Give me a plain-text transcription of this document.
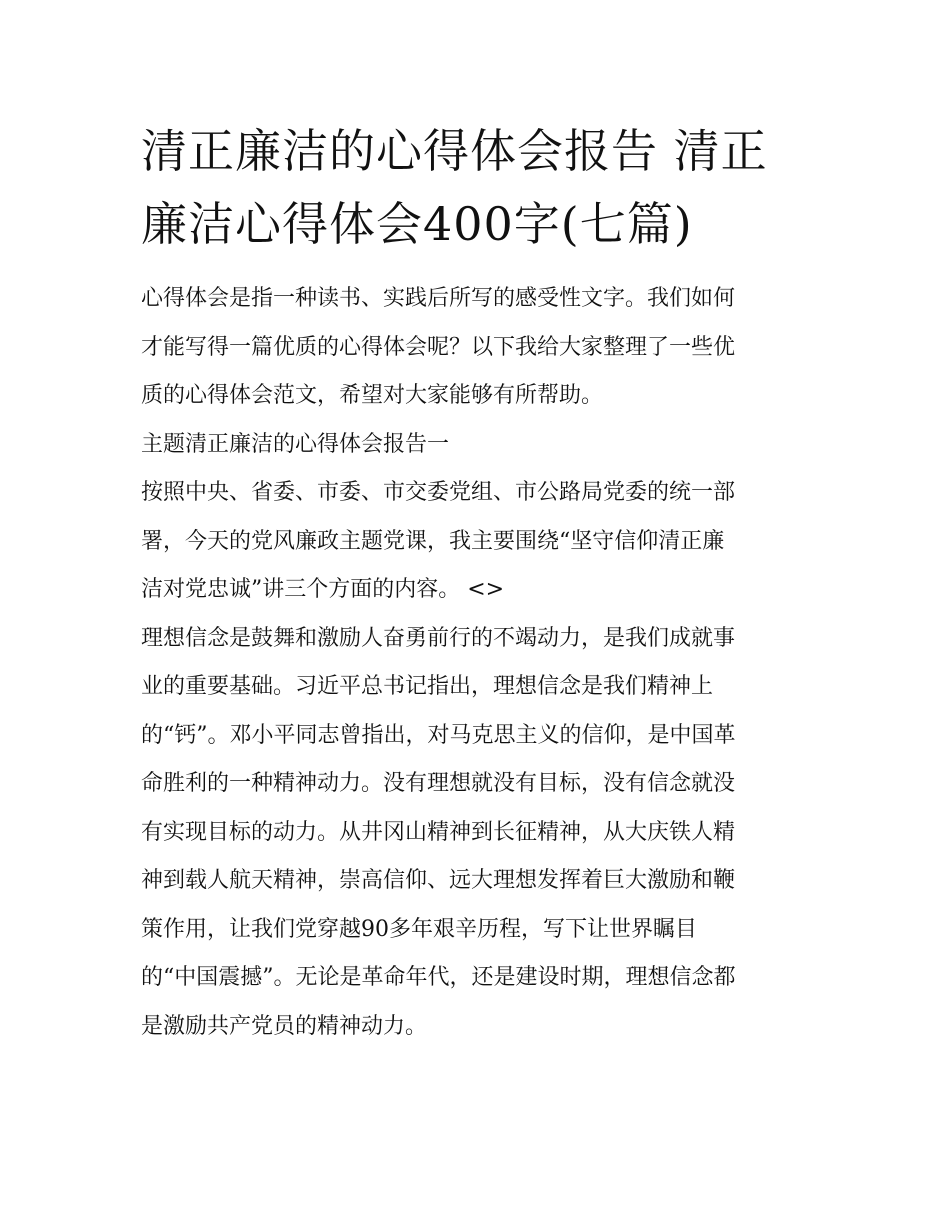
清正廉洁的心得体会报告 清正
廉洁心得体会400字(七篇)

心得体会是指一种读书、实践后所写的感受性文字。我们如何
才能写得一篇优质的心得体会呢？以下我给大家整理了一些优
质的心得体会范文，希望对大家能够有所帮助。

主题清正廉洁的心得体会报告一

按照中央、省委、市委、市交委党组、市公路局党委的统一部
署，今天的党风廉政主题党课，我主要围绕“坚守信仰清正廉
洁对党忠诚”讲三个方面的内容。 <>

理想信念是鼓舞和激励人奋勇前行的不竭动力，是我们成就事
业的重要基础。习近平总书记指出，理想信念是我们精神上
的“钙”。邓小平同志曾指出，对马克思主义的信仰，是中国革
命胜利的一种精神动力。没有理想就没有目标，没有信念就没
有实现目标的动力。从井冈山精神到长征精神，从大庆铁人精
神到载人航天精神，崇高信仰、远大理想发挥着巨大激励和鞭
策作用，让我们党穿越90多年艰辛历程，写下让世界瞩目
的“中国震撼”。无论是革命年代，还是建设时期，理想信念都
是激励共产党员的精神动力。
